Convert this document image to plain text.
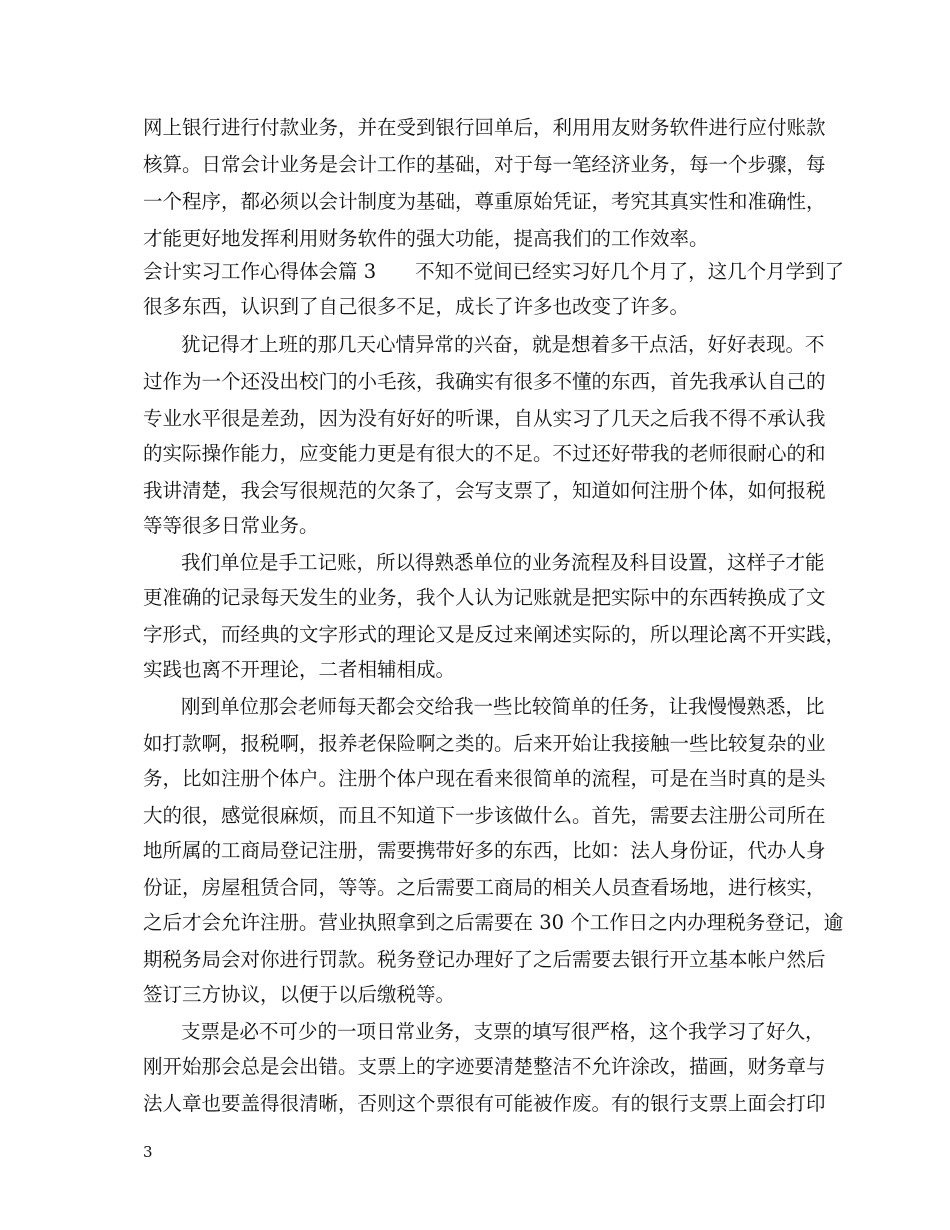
网上银行进行付款业务，并在受到银行回单后，利用用友财务软件进行应付账款
核算。日常会计业务是会计工作的基础，对于每一笔经济业务，每一个步骤，每
一个程序，都必须以会计制度为基础，尊重原始凭证，考究其真实性和准确性，
才能更好地发挥利用财务软件的强大功能，提高我们的工作效率。
会计实习工作心得体会篇 3　　不知不觉间已经实习好几个月了，这几个月学到了
很多东西，认识到了自己很多不足，成长了许多也改变了许多。
犹记得才上班的那几天心情异常的兴奋，就是想着多干点活，好好表现。不
过作为一个还没出校门的小毛孩，我确实有很多不懂的东西，首先我承认自己的
专业水平很是差劲，因为没有好好的听课，自从实习了几天之后我不得不承认我
的实际操作能力，应变能力更是有很大的不足。不过还好带我的老师很耐心的和
我讲清楚，我会写很规范的欠条了，会写支票了，知道如何注册个体，如何报税
等等很多日常业务。
我们单位是手工记账，所以得熟悉单位的业务流程及科目设置，这样子才能
更准确的记录每天发生的业务，我个人认为记账就是把实际中的东西转换成了文
字形式，而经典的文字形式的理论又是反过来阐述实际的，所以理论离不开实践，
实践也离不开理论，二者相辅相成。
刚到单位那会老师每天都会交给我一些比较简单的任务，让我慢慢熟悉，比
如打款啊，报税啊，报养老保险啊之类的。后来开始让我接触一些比较复杂的业
务，比如注册个体户。注册个体户现在看来很简单的流程，可是在当时真的是头
大的很，感觉很麻烦，而且不知道下一步该做什么。首先，需要去注册公司所在
地所属的工商局登记注册，需要携带好多的东西，比如：法人身份证，代办人身
份证，房屋租赁合同，等等。之后需要工商局的相关人员查看场地，进行核实，
之后才会允许注册。营业执照拿到之后需要在 30 个工作日之内办理税务登记，逾
期税务局会对你进行罚款。税务登记办理好了之后需要去银行开立基本帐户然后
签订三方协议，以便于以后缴税等。
支票是必不可少的一项日常业务，支票的填写很严格，这个我学习了好久，
刚开始那会总是会出错。支票上的字迹要清楚整洁不允许涂改，描画，财务章与
法人章也要盖得很清晰，否则这个票很有可能被作废。有的银行支票上面会打印
3
